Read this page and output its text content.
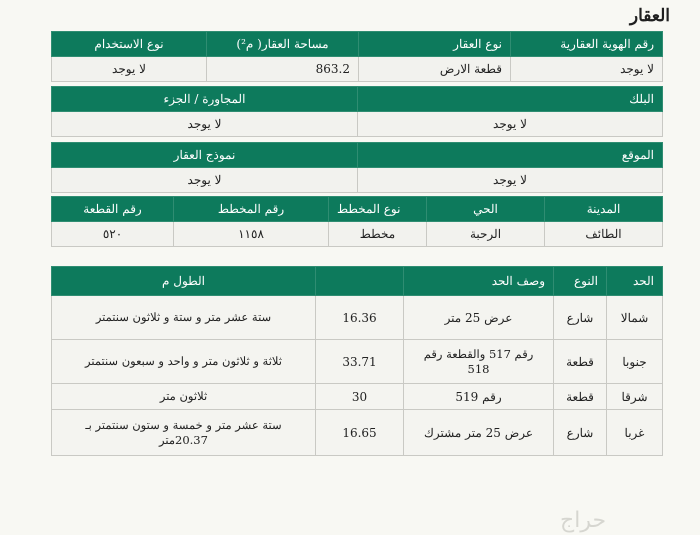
العقار
رقم الهوية العقارية	نوع العقار	مساحة العقار( م²)	نوع الاستخدام
لا يوجد	قطعة الارض	863.2	لا يوجد
البلك	المجاورة / الجزء
لا يوجد	لا يوجد
الموقع	نموذج العقار
لا يوجد	لا يوجد
المدينة	الحي	نوع المخطط	رقم المخطط	رقم القطعة
الطائف	الرحبة	مخطط	١١٥٨	٥٢٠
الحد	النوع	وصف الحد		الطول م
شمالا	شارع	عرض 25 متر	16.36	ستة عشر متر و ستة و ثلاثون سنتمتر
جنوبا	قطعة	رقم 517 والقطعة رقم 518	33.71	ثلاثة و ثلاثون متر و واحد و سبعون سنتمتر
شرقا	قطعة	رقم 519	30	ثلاثون متر
غربا	شارع	عرض 25 متر مشترك	16.65	ستة عشر متر و خمسة و ستون سنتمتر بـ 20.37متر
حراج
